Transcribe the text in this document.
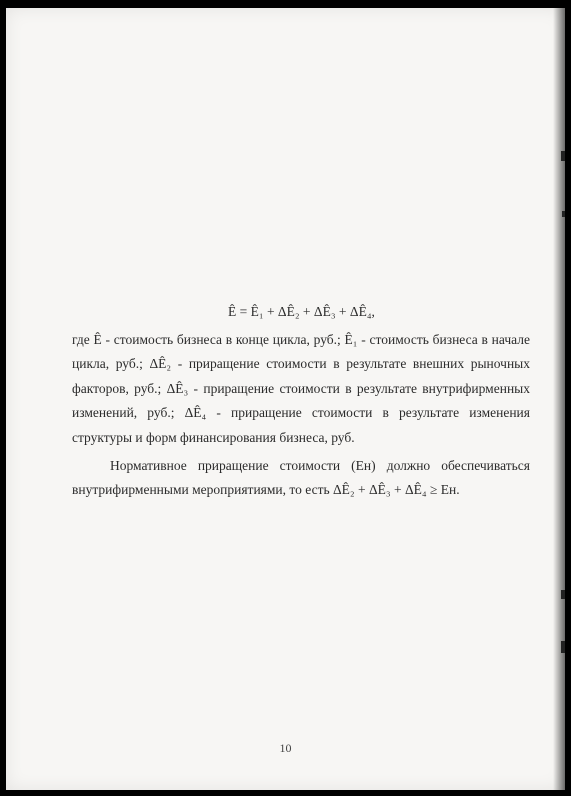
Ê = Ê₁ + ΔÊ₂ + ΔÊ₃ + ΔÊ₄,
где Ê - стоимость бизнеса в конце цикла, руб.; Ê₁ - стоимость бизнеса в начале
цикла, руб.; ΔÊ₂ - приращение стоимости в результате внешних рыночных
факторов, руб.; ΔÊ₃ - приращение стоимости в результате внутрифирменных
изменений, руб.; ΔÊ₄ - приращение стоимости в результате изменения
структуры и форм финансирования бизнеса, руб.
Нормативное приращение стоимости (Eн) должно обеспечиваться
внутрифирменными мероприятиями, то есть ΔÊ₂ + ΔÊ₃ + ΔÊ₄ ≥ Eн.
10
